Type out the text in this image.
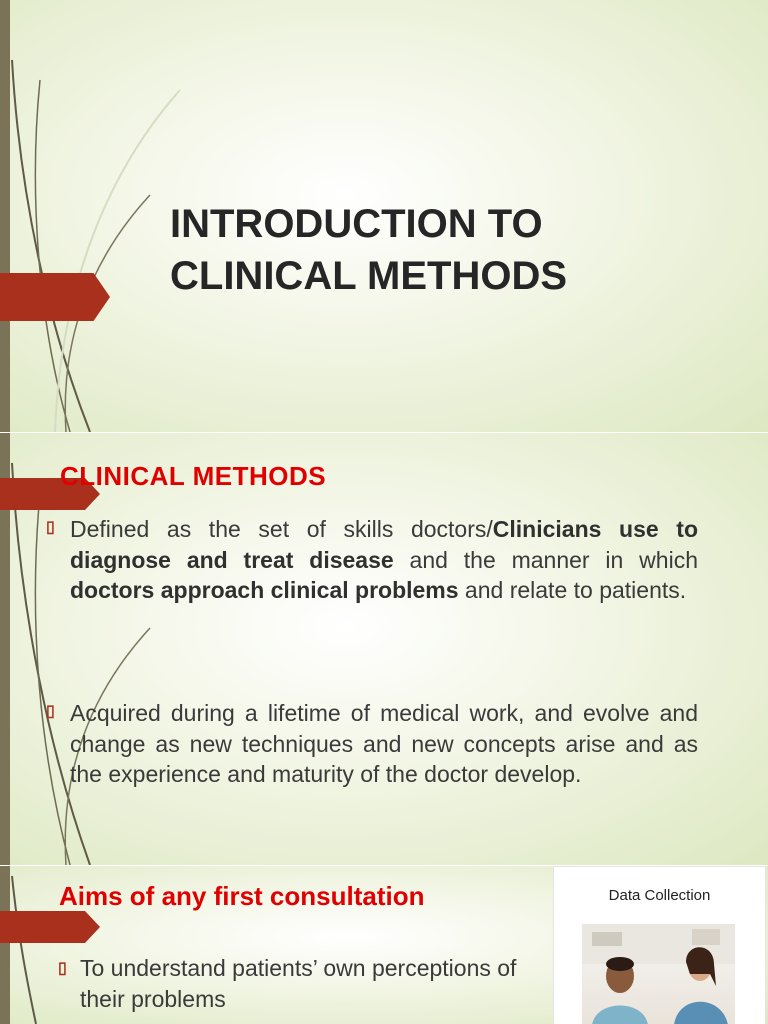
INTRODUCTION TO
CLINICAL METHODS
CLINICAL METHODS
▯ Defined as the set of skills doctors/Clinicians use to diagnose and treat disease and the manner in which doctors approach clinical problems and relate to patients.
▯ Acquired during a lifetime of medical work, and evolve and change as new techniques and new concepts arise and as the experience and maturity of the doctor develop.
Aims of any first consultation
▯ To understand patients’ own perceptions of their problems
Data Collection
